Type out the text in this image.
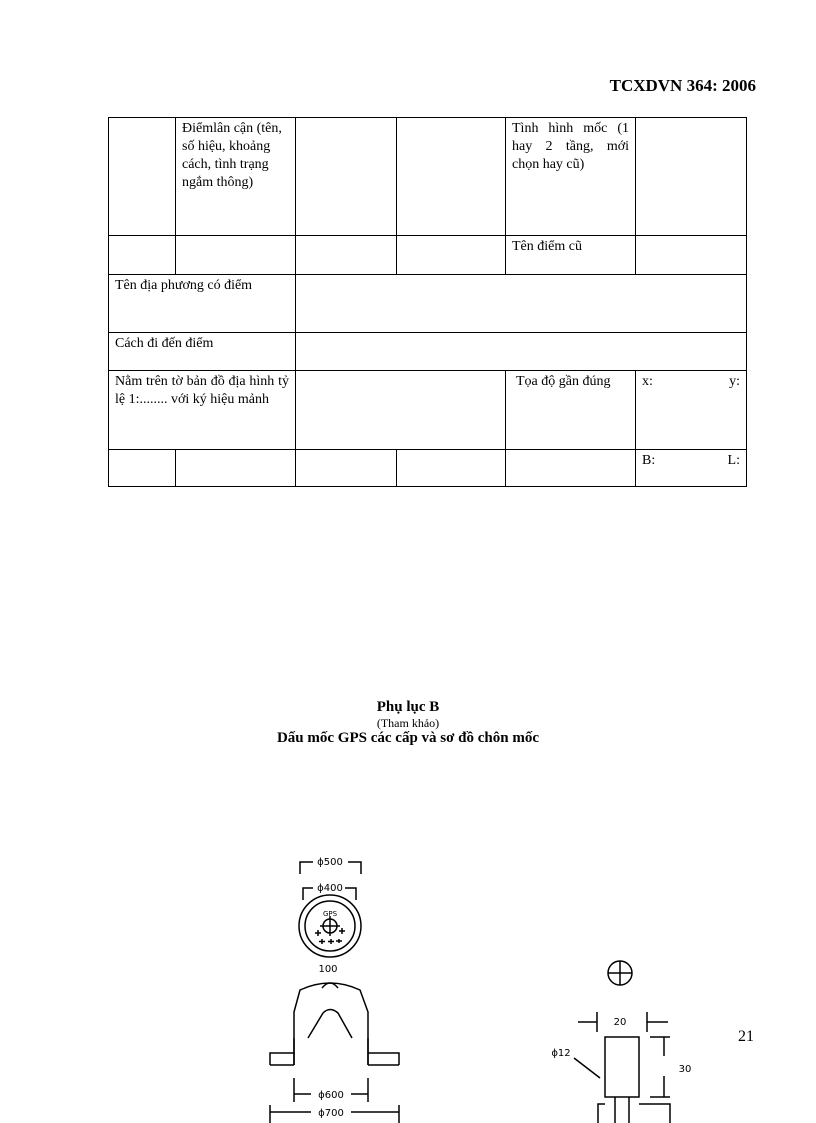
TCXDVN 364: 2006
	Điểmlân cận (tên, số hiệu, khoảng cách, tình trạng ngắm thông)			Tình hình mốc (1 hay 2 tầng, mới chọn hay cũ)	
				Tên điểm cũ	
Tên địa phương có điểm					
Cách đi đến điểm					
Nằm trên tờ bản đồ địa hình tỷ lệ 1:........ với ký hiệu mảnh				Tọa độ gần đúng	x: y:

					B: L:
Phụ lục B
(Tham khảo)
Dấu mốc GPS các cấp và sơ đồ chôn mốc
21
ϕ500
ϕ400
GPS
100
ϕ600
ϕ700
20
ϕ12
30
